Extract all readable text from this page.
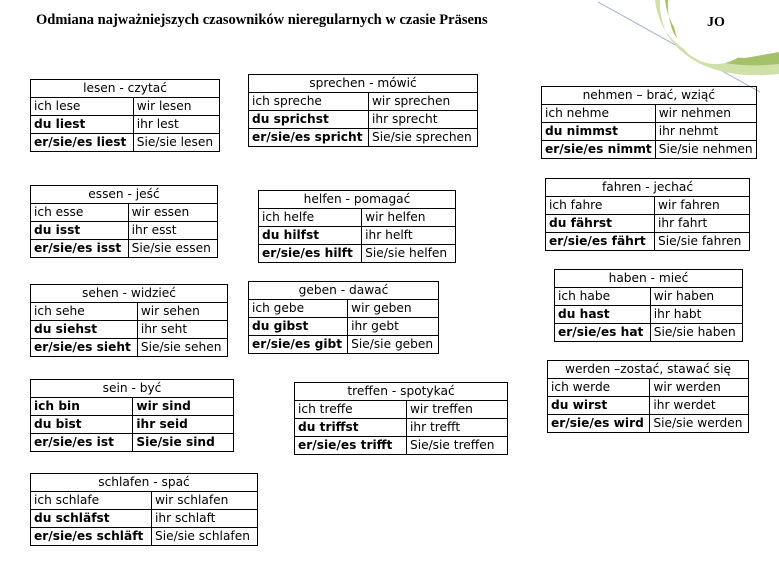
Odmiana najważniejszych czasowników nieregularnych w czasie Präsens	JO
lesen - czytać	
ich lese	wir lesen
du liest	ihr lest
er/sie/es liest	Sie/sie lesen
sprechen - mówić	
ich spreche	wir sprechen
du sprichst	ihr sprecht
er/sie/es spricht	Sie/sie sprechen
nehmen – brać, wziąć	
ich nehme	wir nehmen
du nimmst	ihr nehmt
er/sie/es nimmt	Sie/sie nehmen
essen - jeść	
ich esse	wir essen
du isst	ihr esst
er/sie/es isst	Sie/sie essen
helfen - pomagać	
ich helfe	wir helfen
du hilfst	ihr helft
er/sie/es hilft	Sie/sie helfen
fahren - jechać	
ich fahre	wir fahren
du fährst	ihr fahrt
er/sie/es fährt	Sie/sie fahren
haben - mieć	
ich habe	wir haben
du hast	ihr habt
er/sie/es hat	Sie/sie haben
sehen - widzieć	
ich sehe	wir sehen
du siehst	ihr seht
er/sie/es sieht	Sie/sie sehen
geben - dawać	
ich gebe	wir geben
du gibst	ihr gebt
er/sie/es gibt	Sie/sie geben
werden –zostać, stawać się	
ich werde	wir werden
du wirst	ihr werdet
er/sie/es wird	Sie/sie werden
sein - być	
ich bin	wir sind
du bist	ihr seid
er/sie/es ist	Sie/sie sind
treffen - spotykać	
ich treffe	wir treffen
du triffst	ihr trefft
er/sie/es trifft	Sie/sie treffen
schlafen - spać	
ich schlafe	wir schlafen
du schläfst	ihr schlaft
er/sie/es schläft	Sie/sie schlafen
